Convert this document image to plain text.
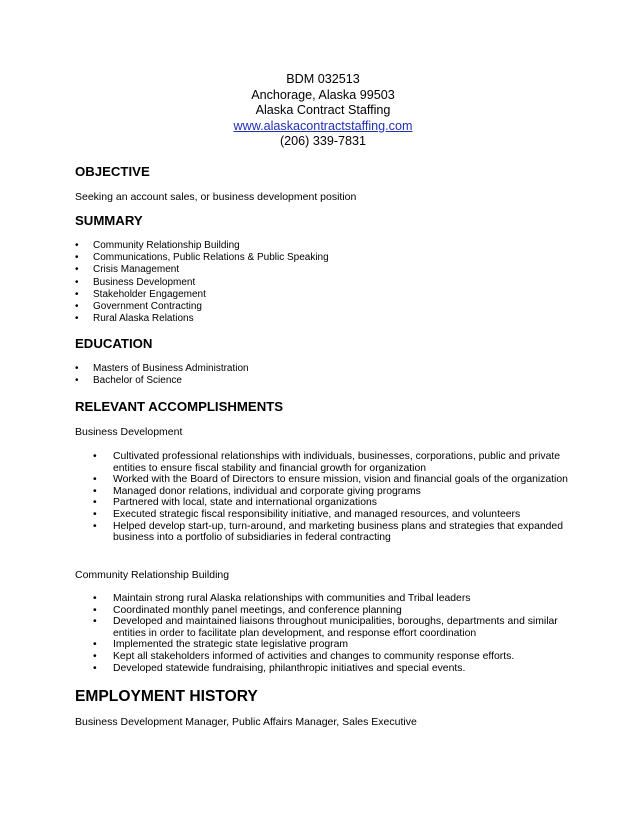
BDM 032513
Anchorage, Alaska 99503
Alaska Contract Staffing
www.alaskacontractstaffing.com
(206) 339-7831
OBJECTIVE
Seeking an account sales, or business development position
SUMMARY
• Community Relationship Building
• Communications, Public Relations & Public Speaking
• Crisis Management
• Business Development
• Stakeholder Engagement
• Government Contracting
• Rural Alaska Relations
EDUCATION
• Masters of Business Administration
• Bachelor of Science
RELEVANT ACCOMPLISHMENTS
Business Development
• Cultivated professional relationships with individuals, businesses, corporations, public and private entities to ensure fiscal stability and financial growth for organization
• Worked with the Board of Directors to ensure mission, vision and financial goals of the organization
• Managed donor relations, individual and corporate giving programs
• Partnered with local, state and international organizations
• Executed strategic fiscal responsibility initiative, and managed resources, and volunteers
• Helped develop start-up, turn-around, and marketing business plans and strategies that expanded business into a portfolio of subsidiaries in federal contracting
Community Relationship Building
• Maintain strong rural Alaska relationships with communities and Tribal leaders
• Coordinated monthly panel meetings, and conference planning
• Developed and maintained liaisons throughout municipalities, boroughs, departments and similar entities in order to facilitate plan development, and response effort coordination
• Implemented the strategic state legislative program
• Kept all stakeholders informed of activities and changes to community response efforts.
• Developed statewide fundraising, philanthropic initiatives and special events.
EMPLOYMENT HISTORY
Business Development Manager, Public Affairs Manager, Sales Executive
